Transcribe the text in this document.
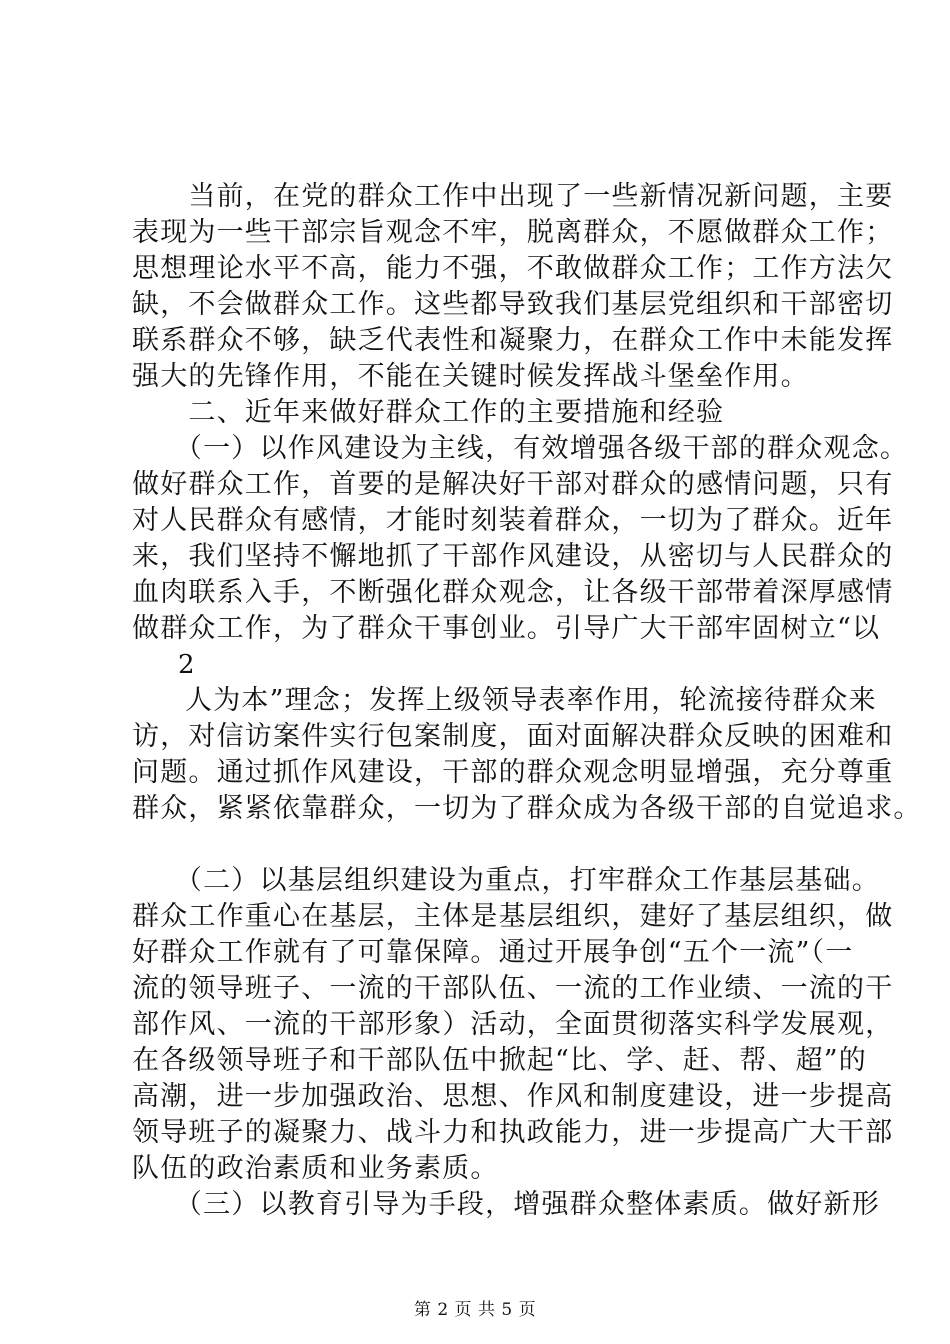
　　当前，在党的群众工作中出现了一些新情况新问题，主要
表现为一些干部宗旨观念不牢，脱离群众，不愿做群众工作；
思想理论水平不高，能力不强，不敢做群众工作；工作方法欠
缺，不会做群众工作。这些都导致我们基层党组织和干部密切
联系群众不够，缺乏代表性和凝聚力，在群众工作中未能发挥
强大的先锋作用，不能在关键时候发挥战斗堡垒作用。
　　二、近年来做好群众工作的主要措施和经验
　　（一）以作风建设为主线，有效增强各级干部的群众观念。
做好群众工作，首要的是解决好干部对群众的感情问题，只有
对人民群众有感情，才能时刻装着群众，一切为了群众。近年
来，我们坚持不懈地抓了干部作风建设，从密切与人民群众的
血肉联系入手，不断强化群众观念，让各级干部带着深厚感情
做群众工作，为了群众干事创业。引导广大干部牢固树立“以
2
人为本”理念；发挥上级领导表率作用，轮流接待群众来
访，对信访案件实行包案制度，面对面解决群众反映的困难和
问题。通过抓作风建设，干部的群众观念明显增强，充分尊重
群众，紧紧依靠群众，一切为了群众成为各级干部的自觉追求。
　　（二）以基层组织建设为重点，打牢群众工作基层基础。
群众工作重心在基层，主体是基层组织，建好了基层组织，做
好群众工作就有了可靠保障。通过开展争创“五个一流”（一
流的领导班子、一流的干部队伍、一流的工作业绩、一流的干
部作风、一流的干部形象）活动，全面贯彻落实科学发展观，
在各级领导班子和干部队伍中掀起“比、学、赶、帮、超”的
高潮，进一步加强政治、思想、作风和制度建设，进一步提高
领导班子的凝聚力、战斗力和执政能力，进一步提高广大干部
队伍的政治素质和业务素质。
　　（三）以教育引导为手段，增强群众整体素质。做好新形
第 2 页 共 5 页
